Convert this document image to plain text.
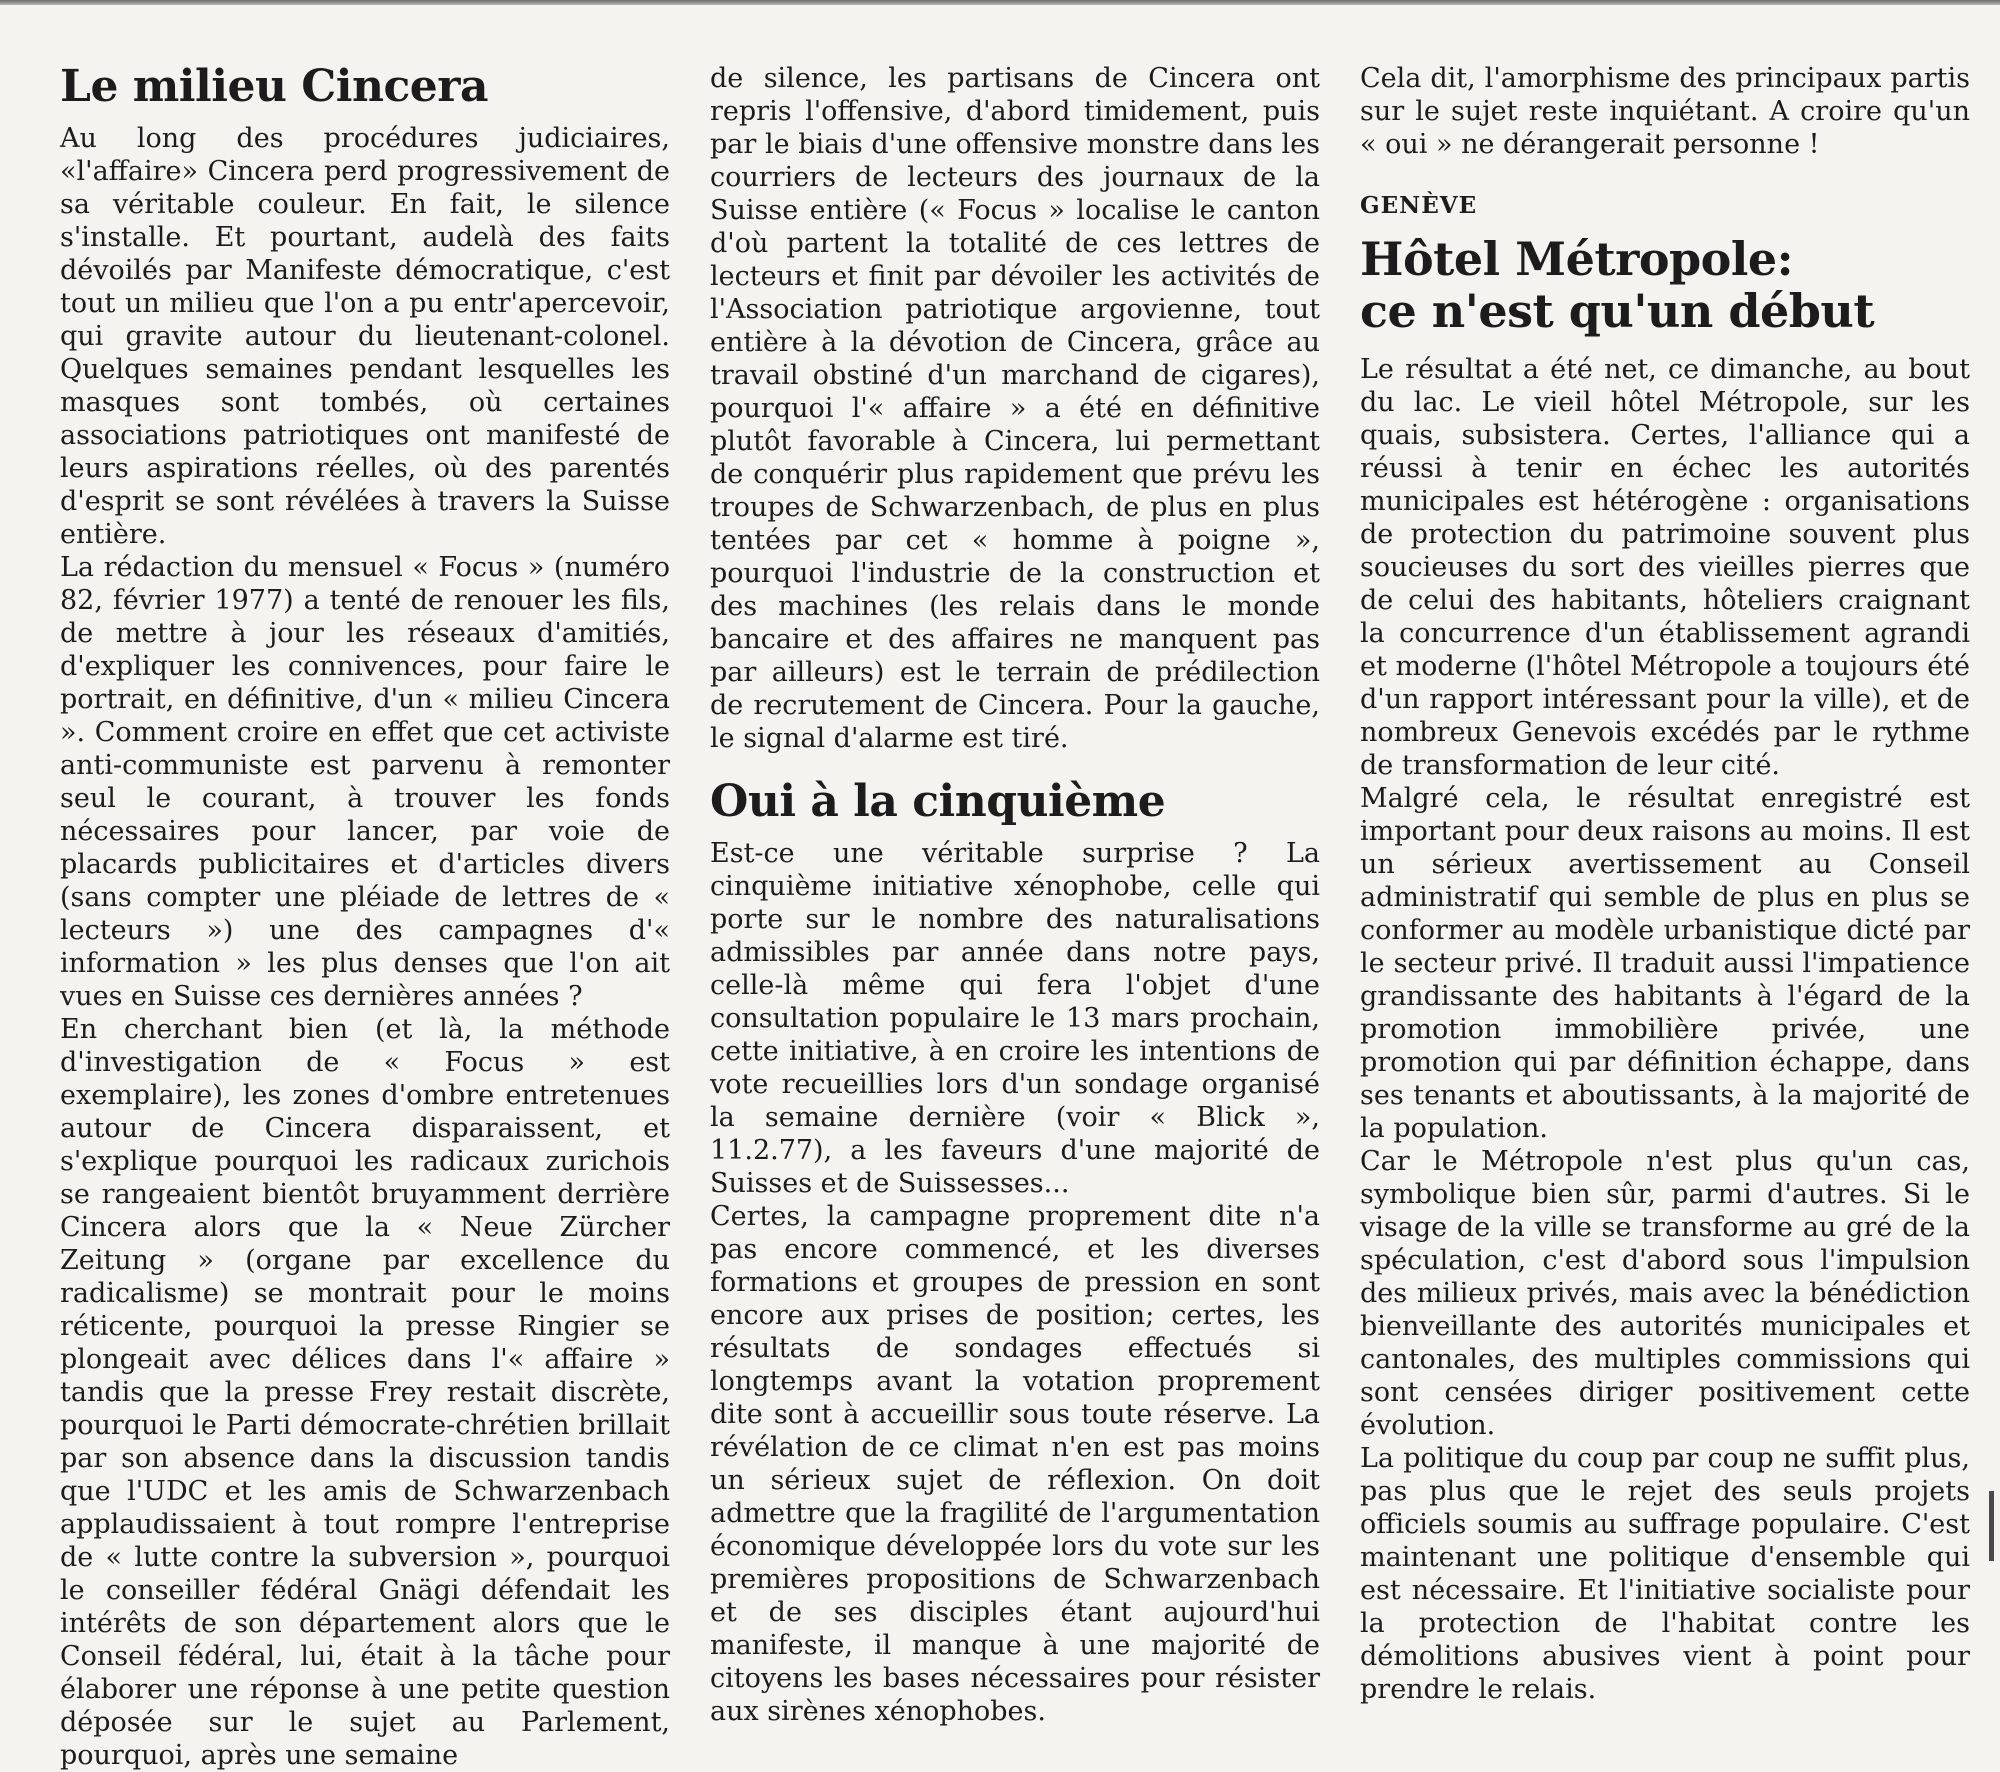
Le milieu Cincera

Au long des procédures judiciaires, «l'affaire» Cincera perd progressivement de sa véritable couleur. En fait, le silence s'installe. Et pourtant, audelà des faits dévoilés par Manifeste démocratique, c'est tout un milieu que l'on a pu entr'apercevoir, qui gravite autour du lieutenant-colonel. Quelques semaines pendant lesquelles les masques sont tombés, où certaines associations patriotiques ont manifesté de leurs aspirations réelles, où des parentés d'esprit se sont révélées à travers la Suisse entière.

La rédaction du mensuel « Focus » (numéro 82, février 1977) a tenté de renouer les fils, de mettre à jour les réseaux d'amitiés, d'expliquer les connivences, pour faire le portrait, en définitive, d'un « milieu Cincera ». Comment croire en effet que cet activiste anti-communiste est parvenu à remonter seul le courant, à trouver les fonds nécessaires pour lancer, par voie de placards publicitaires et d'articles divers (sans compter une pléiade de lettres de « lecteurs ») une des campagnes d'« information » les plus denses que l'on ait vues en Suisse ces dernières années ?

En cherchant bien (et là, la méthode d'investigation de « Focus » est exemplaire), les zones d'ombre entretenues autour de Cincera disparaissent, et s'explique pourquoi les radicaux zurichois se rangeaient bientôt bruyamment derrière Cincera alors que la « Neue Zürcher Zeitung » (organe par excellence du radicalisme) se montrait pour le moins réticente, pourquoi la presse Ringier se plongeait avec délices dans l'« affaire » tandis que la presse Frey restait discrète, pourquoi le Parti démocrate-chrétien brillait par son absence dans la discussion tandis que l'UDC et les amis de Schwarzenbach applaudissaient à tout rompre l'entreprise de « lutte contre la subversion », pourquoi le conseiller fédéral Gnägi défendait les intérêts de son département alors que le Conseil fédéral, lui, était à la tâche pour élaborer une réponse à une petite question déposée sur le sujet au Parlement, pourquoi, après une semaine

de silence, les partisans de Cincera ont repris l'offensive, d'abord timidement, puis par le biais d'une offensive monstre dans les courriers de lecteurs des journaux de la Suisse entière (« Focus » localise le canton d'où partent la totalité de ces lettres de lecteurs et finit par dévoiler les activités de l'Association patriotique argovienne, tout entière à la dévotion de Cincera, grâce au travail obstiné d'un marchand de cigares), pourquoi l'« affaire » a été en définitive plutôt favorable à Cincera, lui permettant de conquérir plus rapidement que prévu les troupes de Schwarzenbach, de plus en plus tentées par cet « homme à poigne », pourquoi l'industrie de la construction et des machines (les relais dans le monde bancaire et des affaires ne manquent pas par ailleurs) est le terrain de prédilection de recrutement de Cincera. Pour la gauche, le signal d'alarme est tiré.

Oui à la cinquième

Est-ce une véritable surprise ? La cinquième initiative xénophobe, celle qui porte sur le nombre des naturalisations admissibles par année dans notre pays, celle-là même qui fera l'objet d'une consultation populaire le 13 mars prochain, cette initiative, à en croire les intentions de vote recueillies lors d'un sondage organisé la semaine dernière (voir « Blick », 11.2.77), a les faveurs d'une majorité de Suisses et de Suissesses...

Certes, la campagne proprement dite n'a pas encore commencé, et les diverses formations et groupes de pression en sont encore aux prises de position; certes, les résultats de sondages effectués si longtemps avant la votation proprement dite sont à accueillir sous toute réserve. La révélation de ce climat n'en est pas moins un sérieux sujet de réflexion. On doit admettre que la fragilité de l'argumentation économique développée lors du vote sur les premières propositions de Schwarzenbach et de ses disciples étant aujourd'hui manifeste, il manque à une majorité de citoyens les bases nécessaires pour résister aux sirènes xénophobes.

Cela dit, l'amorphisme des principaux partis sur le sujet reste inquiétant. A croire qu'un « oui » ne dérangerait personne !

GENÈVE
Hôtel Métropole:
ce n'est qu'un début

Le résultat a été net, ce dimanche, au bout du lac. Le vieil hôtel Métropole, sur les quais, subsistera. Certes, l'alliance qui a réussi à tenir en échec les autorités municipales est hétérogène : organisations de protection du patrimoine souvent plus soucieuses du sort des vieilles pierres que de celui des habitants, hôteliers craignant la concurrence d'un établissement agrandi et moderne (l'hôtel Métropole a toujours été d'un rapport intéressant pour la ville), et de nombreux Genevois excédés par le rythme de transformation de leur cité.

Malgré cela, le résultat enregistré est important pour deux raisons au moins. Il est un sérieux avertissement au Conseil administratif qui semble de plus en plus se conformer au modèle urbanistique dicté par le secteur privé. Il traduit aussi l'impatience grandissante des habitants à l'égard de la promotion immobilière privée, une promotion qui par définition échappe, dans ses tenants et aboutissants, à la majorité de la population.

Car le Métropole n'est plus qu'un cas, symbolique bien sûr, parmi d'autres. Si le visage de la ville se transforme au gré de la spéculation, c'est d'abord sous l'impulsion des milieux privés, mais avec la bénédiction bienveillante des autorités municipales et cantonales, des multiples commissions qui sont censées diriger positivement cette évolution.

La politique du coup par coup ne suffit plus, pas plus que le rejet des seuls projets officiels soumis au suffrage populaire. C'est maintenant une politique d'ensemble qui est nécessaire. Et l'initiative socialiste pour la protection de l'habitat contre les démolitions abusives vient à point pour prendre le relais.
